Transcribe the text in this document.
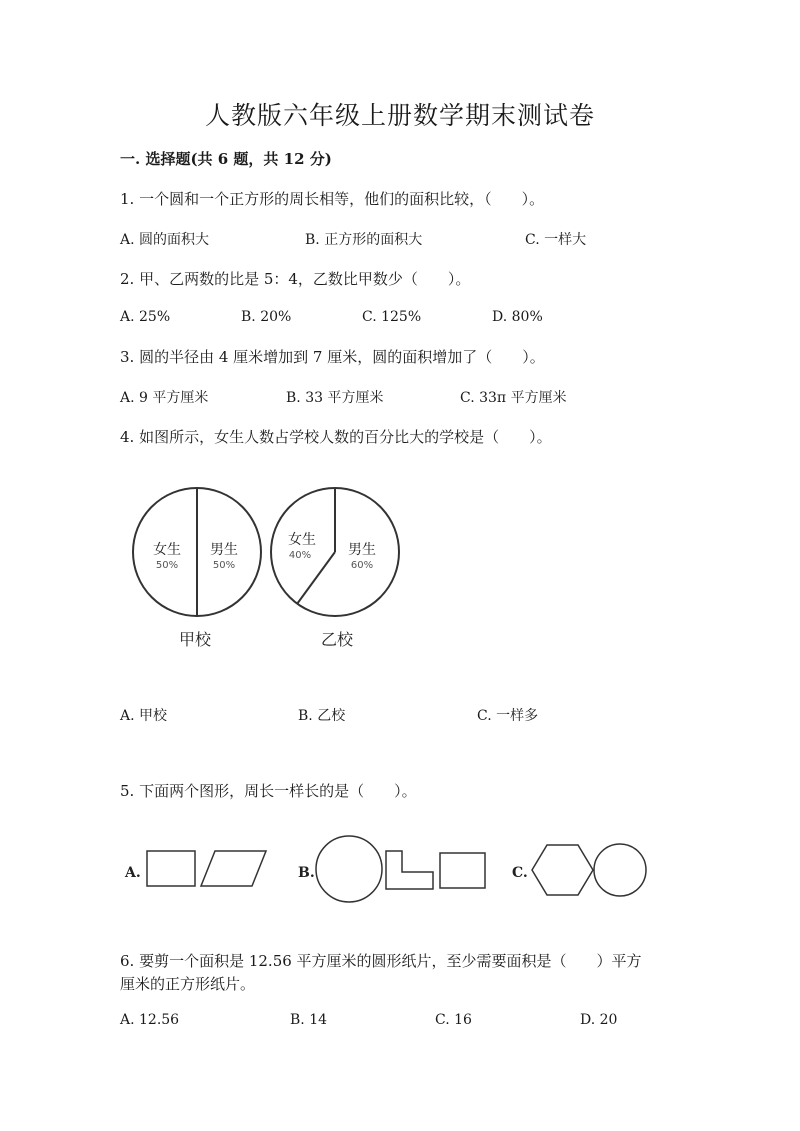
人教版六年级上册数学期末测试卷
一. 选择题(共 6 题，共 12 分)
1. 一个圆和一个正方形的周长相等，他们的面积比较，（　　）。
A. 圆的面积大	B. 正方形的面积大	C. 一样大
2. 甲、乙两数的比是 5：4，乙数比甲数少（　　）。
A. 25%	B. 20%	C. 125%	D. 80%
3. 圆的半径由 4 厘米增加到 7 厘米，圆的面积增加了（　　）。
A. 9 平方厘米	B. 33 平方厘米	C. 33π 平方厘米
4. 如图所示，女生人数占学校人数的百分比大的学校是（　　）。
女生
50%
男生
50%
甲校
女生
40%	男生
60%
乙校
A.	B.	C.
A. 甲校	B. 乙校	C. 一样多
5. 下面两个图形，周长一样长的是（　　）。
6. 要剪一个面积是 12.56 平方厘米的圆形纸片，至少需要面积是（　　）平方
厘米的正方形纸片。
A. 12.56	B. 14	C. 16	D. 20
